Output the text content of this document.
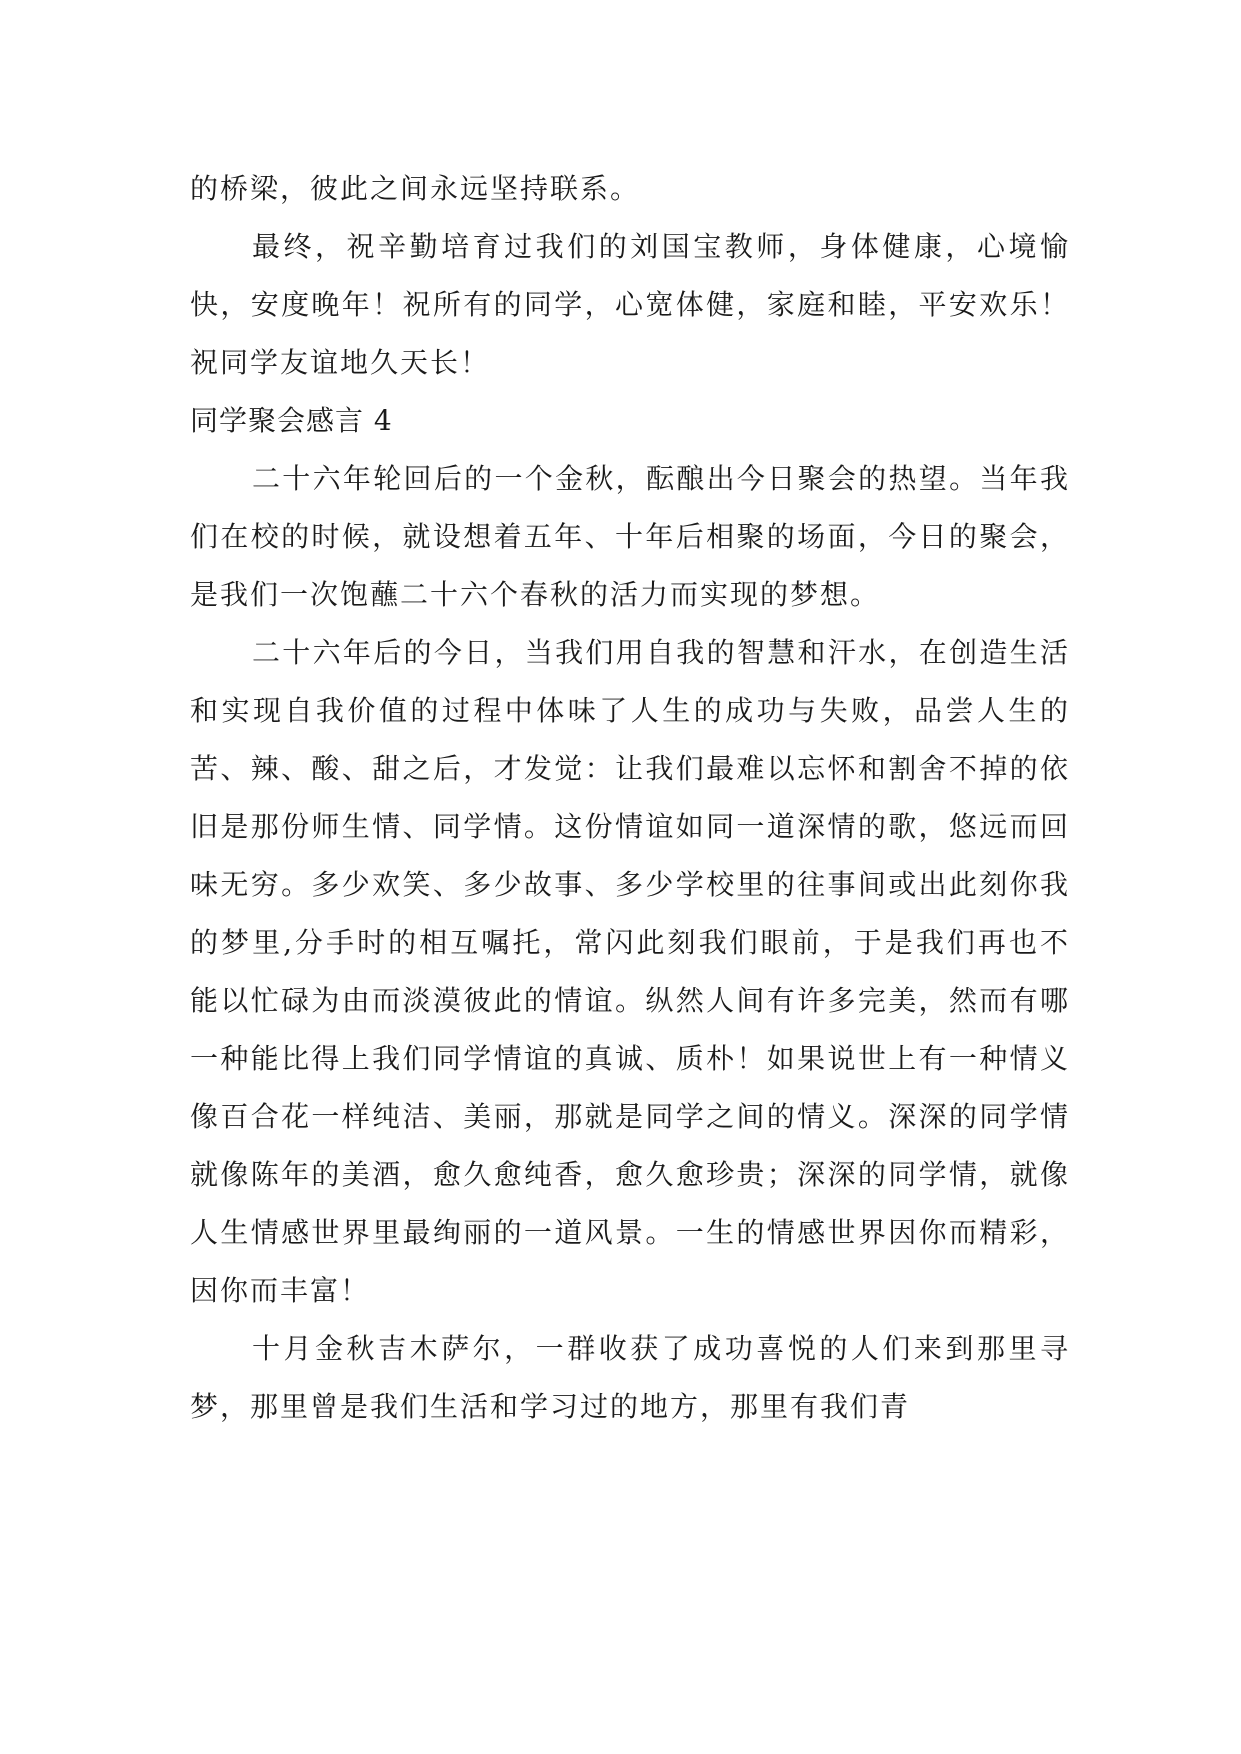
的桥梁，彼此之间永远坚持联系。

最终，祝辛勤培育过我们的刘国宝教师，身体健康，心境愉快，安度晚年！祝所有的同学，心宽体健，家庭和睦，平安欢乐！祝同学友谊地久天长！

同学聚会感言 4

二十六年轮回后的一个金秋，酝酿出今日聚会的热望。当年我们在校的时候，就设想着五年、十年后相聚的场面，今日的聚会，是我们一次饱蘸二十六个春秋的活力而实现的梦想。

二十六年后的今日，当我们用自我的智慧和汗水，在创造生活和实现自我价值的过程中体味了人生的成功与失败，品尝人生的苦、辣、酸、甜之后，才发觉：让我们最难以忘怀和割舍不掉的依旧是那份师生情、同学情。这份情谊如同一道深情的歌，悠远而回味无穷。多少欢笑、多少故事、多少学校里的往事间或出此刻你我的梦里,分手时的相互嘱托，常闪此刻我们眼前，于是我们再也不能以忙碌为由而淡漠彼此的情谊。纵然人间有许多完美，然而有哪一种能比得上我们同学情谊的真诚、质朴！如果说世上有一种情义像百合花一样纯洁、美丽，那就是同学之间的情义。深深的同学情就像陈年的美酒，愈久愈纯香，愈久愈珍贵；深深的同学情，就像人生情感世界里最绚丽的一道风景。一生的情感世界因你而精彩，因你而丰富！

十月金秋吉木萨尔，一群收获了成功喜悦的人们来到那里寻梦，那里曾是我们生活和学习过的地方，那里有我们青
